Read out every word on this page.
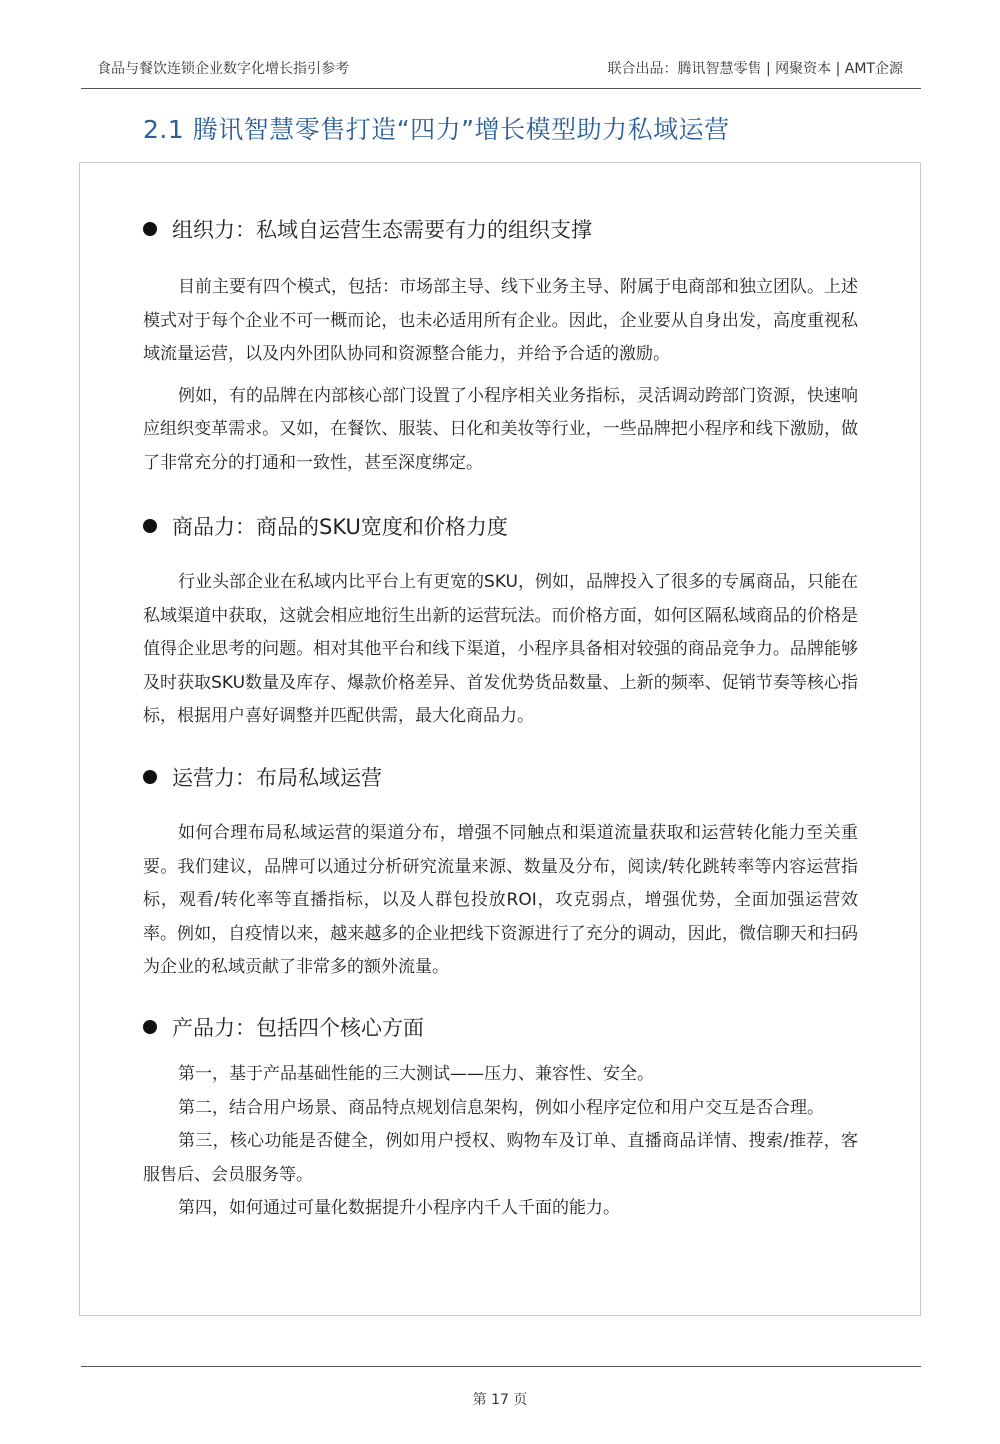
食品与餐饮连锁企业数字化增长指引参考	联合出品：腾讯智慧零售 | 网聚资本 | AMT企源
2.1 腾讯智慧零售打造“四力”增长模型助力私域运营
组织力：私域自运营生态需要有力的组织支撑

目前主要有四个模式，包括：市场部主导、线下业务主导、附属于电商部和独立团队。上述模式对于每个企业不可一概而论，也未必适用所有企业。因此，企业要从自身出发，高度重视私域流量运营，以及内外团队协同和资源整合能力，并给予合适的激励。

例如，有的品牌在内部核心部门设置了小程序相关业务指标，灵活调动跨部门资源，快速响应组织变革需求。又如，在餐饮、服装、日化和美妆等行业，一些品牌把小程序和线下激励，做了非常充分的打通和一致性，甚至深度绑定。

商品力：商品的SKU宽度和价格力度

行业头部企业在私域内比平台上有更宽的SKU，例如，品牌投入了很多的专属商品，只能在私域渠道中获取，这就会相应地衍生出新的运营玩法。而价格方面，如何区隔私域商品的价格是值得企业思考的问题。相对其他平台和线下渠道，小程序具备相对较强的商品竞争力。品牌能够及时获取SKU数量及库存、爆款价格差异、首发优势货品数量、上新的频率、促销节奏等核心指标，根据用户喜好调整并匹配供需，最大化商品力。

运营力：布局私域运营

如何合理布局私域运营的渠道分布，增强不同触点和渠道流量获取和运营转化能力至关重要。我们建议，品牌可以通过分析研究流量来源、数量及分布，阅读/转化跳转率等内容运营指标，观看/转化率等直播指标，以及人群包投放ROI，攻克弱点，增强优势，全面加强运营效率。例如，自疫情以来，越来越多的企业把线下资源进行了充分的调动，因此，微信聊天和扫码为企业的私域贡献了非常多的额外流量。

产品力：包括四个核心方面

第一，基于产品基础性能的三大测试——压力、兼容性、安全。

第二，结合用户场景、商品特点规划信息架构，例如小程序定位和用户交互是否合理。

第三，核心功能是否健全，例如用户授权、购物车及订单、直播商品详情、搜索/推荐，客服售后、会员服务等。

第四，如何通过可量化数据提升小程序内千人千面的能力。

第 17 页
